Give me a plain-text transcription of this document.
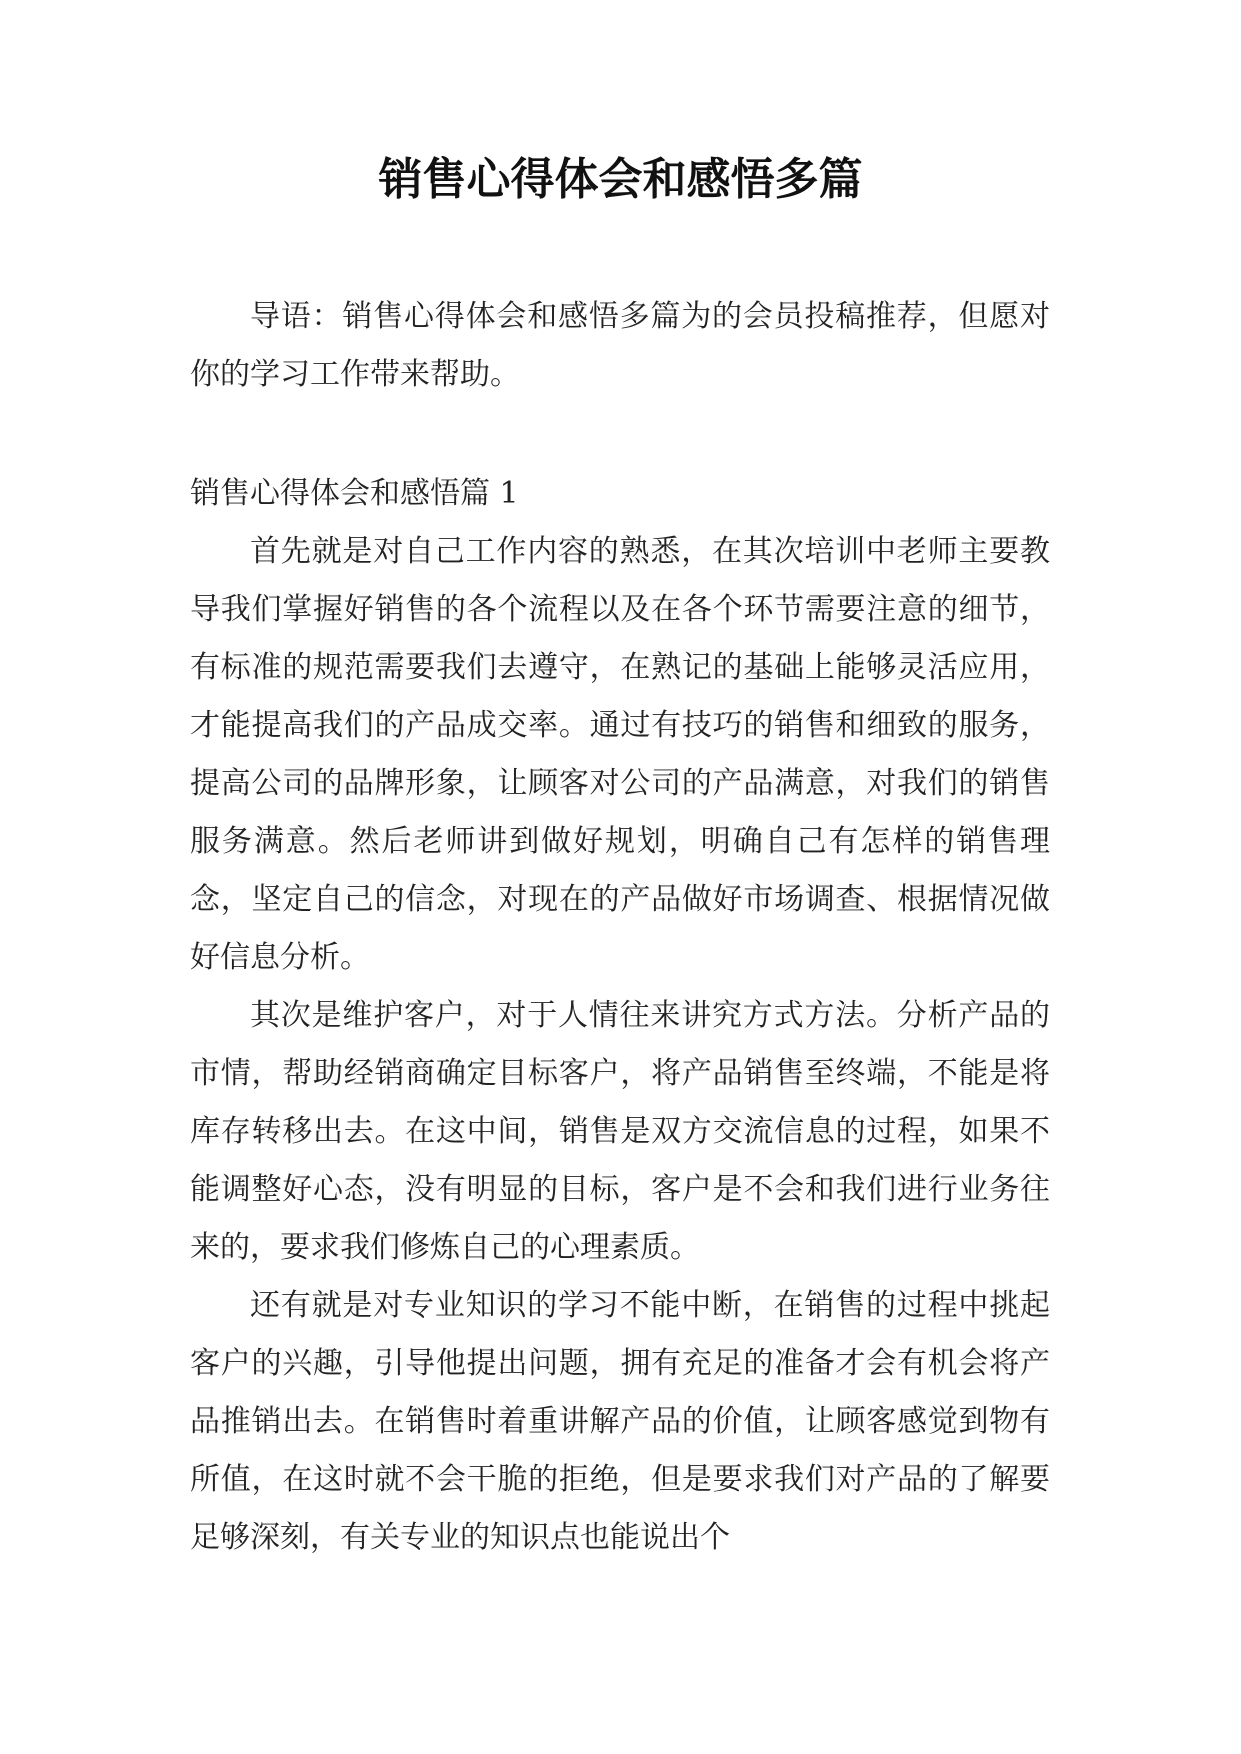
销售心得体会和感悟多篇

导语：销售心得体会和感悟多篇为的会员投稿推荐，但愿对你的学习工作带来帮助。

销售心得体会和感悟篇 1

首先就是对自己工作内容的熟悉，在其次培训中老师主要教导我们掌握好销售的各个流程以及在各个环节需要注意的细节，有标准的规范需要我们去遵守，在熟记的基础上能够灵活应用，才能提高我们的产品成交率。通过有技巧的销售和细致的服务，提高公司的品牌形象，让顾客对公司的产品满意，对我们的销售服务满意。然后老师讲到做好规划，明确自己有怎样的销售理念，坚定自己的信念，对现在的产品做好市场调查、根据情况做好信息分析。

其次是维护客户，对于人情往来讲究方式方法。分析产品的市情，帮助经销商确定目标客户，将产品销售至终端，不能是将库存转移出去。在这中间，销售是双方交流信息的过程，如果不能调整好心态，没有明显的目标，客户是不会和我们进行业务往来的，要求我们修炼自己的心理素质。

还有就是对专业知识的学习不能中断，在销售的过程中挑起客户的兴趣，引导他提出问题，拥有充足的准备才会有机会将产品推销出去。在销售时着重讲解产品的价值，让顾客感觉到物有所值，在这时就不会干脆的拒绝，但是要求我们对产品的了解要足够深刻，有关专业的知识点也能说出个
